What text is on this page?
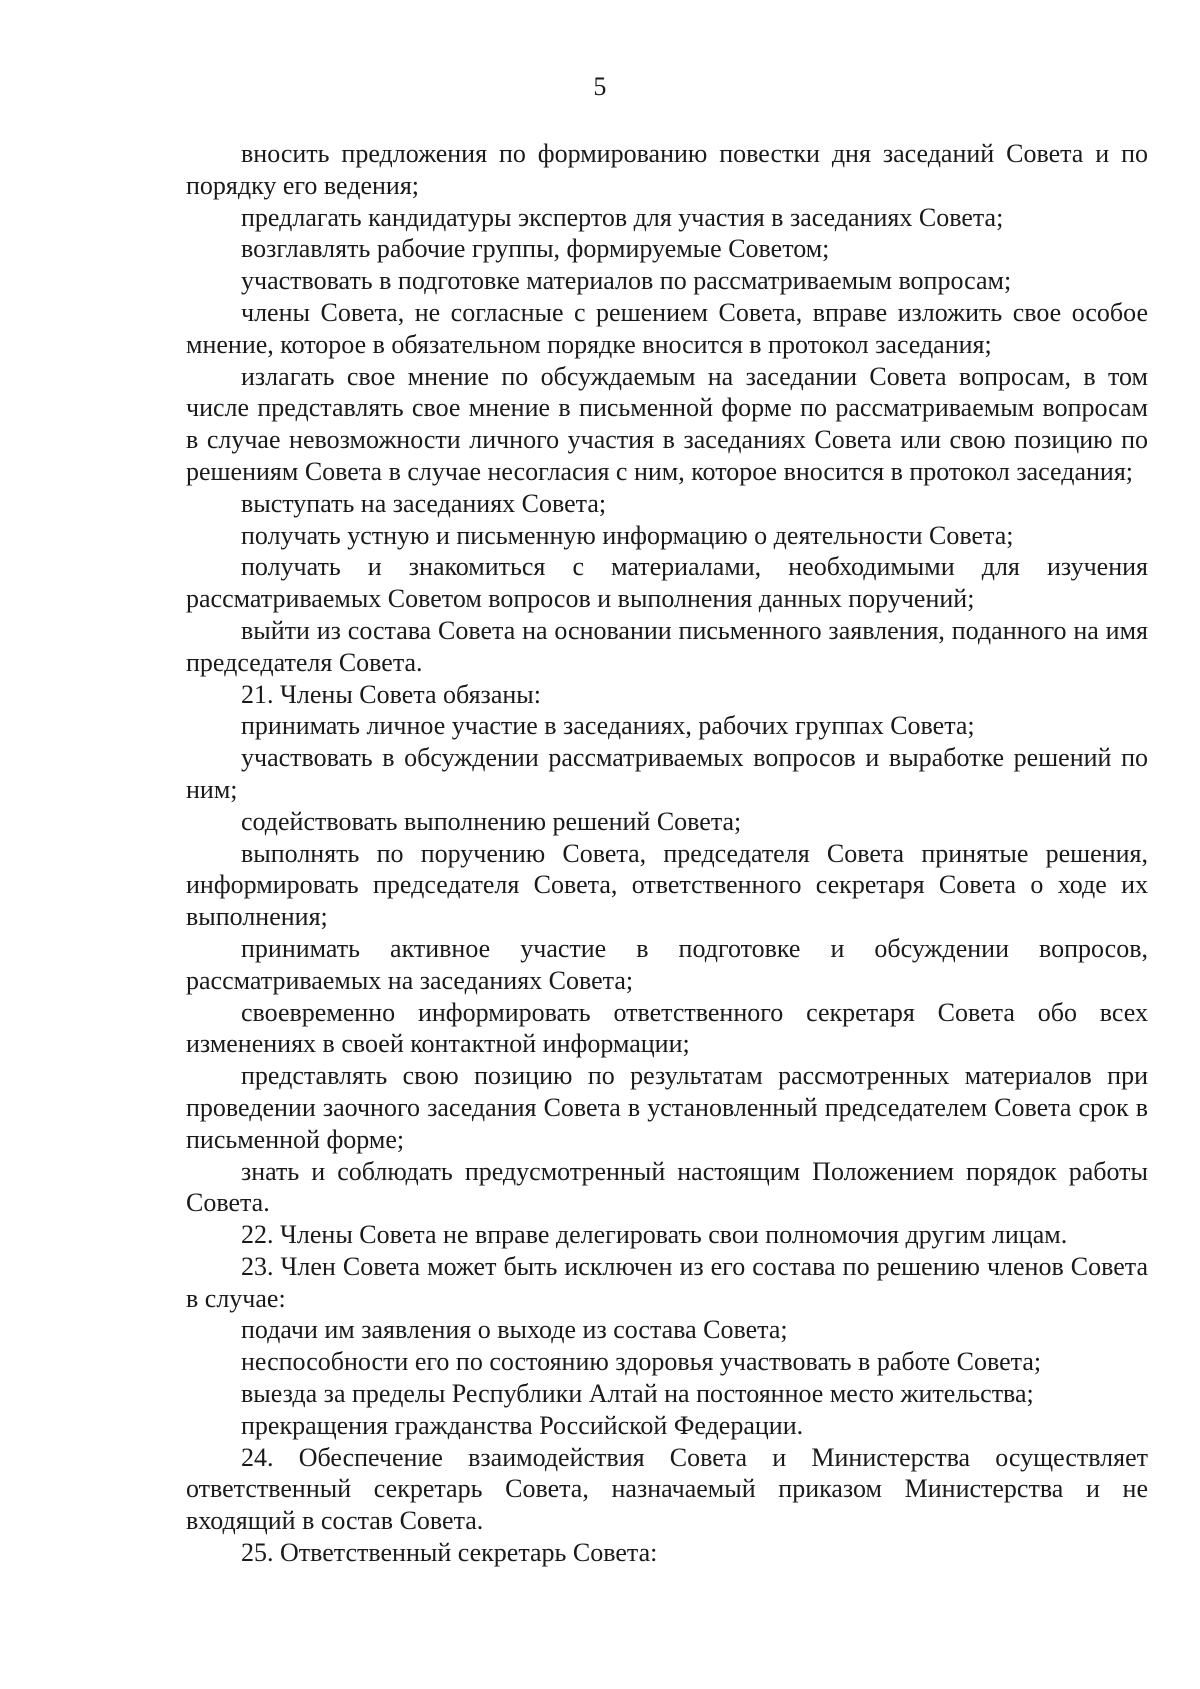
5

вносить предложения по формированию повестки дня заседаний Совета и по порядку его ведения;

предлагать кандидатуры экспертов для участия в заседаниях Совета;

возглавлять рабочие группы, формируемые Советом;

участвовать в подготовке материалов по рассматриваемым вопросам;

члены Совета, не согласные с решением Совета, вправе изложить свое особое мнение, которое в обязательном порядке вносится в протокол заседания;

излагать свое мнение по обсуждаемым на заседании Совета вопросам, в том числе представлять свое мнение в письменной форме по рассматриваемым вопросам в случае невозможности личного участия в заседаниях Совета или свою позицию по решениям Совета в случае несогласия с ним, которое вносится в протокол заседания;

выступать на заседаниях Совета;

получать устную и письменную информацию о деятельности Совета;

получать и знакомиться с материалами, необходимыми для изучения рассматриваемых Советом вопросов и выполнения данных поручений;

выйти из состава Совета на основании письменного заявления, поданного на имя председателя Совета.

21. Члены Совета обязаны:

принимать личное участие в заседаниях, рабочих группах Совета;

участвовать в обсуждении рассматриваемых вопросов и выработке решений по ним;

содействовать выполнению решений Совета;

выполнять по поручению Совета, председателя Совета принятые решения, информировать председателя Совета, ответственного секретаря Совета о ходе их выполнения;

принимать активное участие в подготовке и обсуждении вопросов, рассматриваемых на заседаниях Совета;

своевременно информировать ответственного секретаря Совета обо всех изменениях в своей контактной информации;

представлять свою позицию по результатам рассмотренных материалов при проведении заочного заседания Совета в установленный председателем Совета срок в письменной форме;

знать и соблюдать предусмотренный настоящим Положением порядок работы Совета.

22. Члены Совета не вправе делегировать свои полномочия другим лицам.

23. Член Совета может быть исключен из его состава по решению членов Совета в случае:

подачи им заявления о выходе из состава Совета;

неспособности его по состоянию здоровья участвовать в работе Совета;

выезда за пределы Республики Алтай на постоянное место жительства;

прекращения гражданства Российской Федерации.

24. Обеспечение взаимодействия Совета и Министерства осуществляет ответственный секретарь Совета, назначаемый приказом Министерства и не входящий в состав Совета.

25. Ответственный секретарь Совета:
